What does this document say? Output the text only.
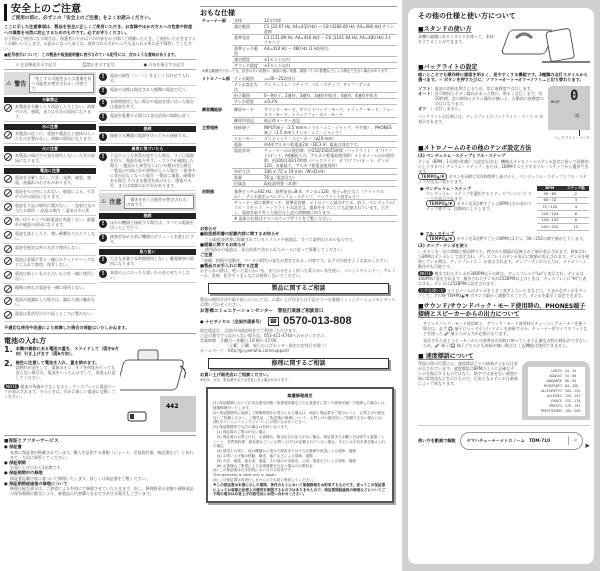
安全上のご注意
ご使用の前に、必ずこの「安全上のご注意」をよくお読みください。
ここに示した注意事項は、製品を安全に正しくご使用いただき、お客様やほかの方々への危害や財産への損害を未然に防止するためのものです。必ずお守りください。
お子様がご使用になる場合は、保護者の方が以下の内容をお子様にご理解いただき、ご使用いただきますようお願いいたします。お読みになったあとは、使用される方がいつでも見られる所に必ず保管してください。
■記号表示について：この製品や取扱説明書に表示されている記号には、次のような意味があります。
⚠ 注意喚起を示す記号	⃠ 禁止を示す記号	● 行為を指示する記号
⚠ 警告
「死亡する可能性または重傷を負う可能性が想定される」内容です。
分解禁止
本製品を分解したり改造したりしない。故障やけが、感電、または火災の原因になります。
水に注意
本製品の近くに、花瓶や薬品など液体の入ったものを置かない。故障の原因になります。
火に注意
本製品の周辺で火気を使用しない。火災の原因になります。
電池に注意
電池を分解しない。火災、発熱、破裂、感電、液漏れのおそれがあります。
電池を火の中に入れない。破裂による、火災やけがの原因になります。
電池を下記の場所に置かない。・直射日光の当たる場所 ・高温の車内 ・湿気の多い所
使い切りタイプの乾電池は充電しない。液漏れや破裂の原因になります。
電池を落としたり、強い衝撃を与えたりしない。
電池を指定以外の方法で使用しない。
電池は金属片等と一緒にポケットやバッグなどに入れて携帯、保管しない。
電池は新しいものと古いものを一緒に使用しない。
種類の異なる電池を一緒に使用しない。
電池が液漏れした場合は、漏れた液に触れない。
電池は乳幼児の手の届くところに置かない。
!	電池の極性（＋／−）を正しく合わせて入れる。
!	電池の交換は指定された種類の電池で行う。
!	長時間使用しない場合や電池を使い切った場合は電池を外す。
!	電池を廃棄する場合は各自治体の規則に従う。
接続
!	接続する機器の電源を切ってから接続する。
異常に気づいたら
!	下記のような異常が発生した場合、すぐに電源を切り、電池を取り外す。・ブラグが破損した場合 ・製品から異常なにおいや煙が出た場合 ・製品の内部に水や異物が入った場合 ・使用中に音が出なくなった場合 ・製品に亀裂、破損がある場合 そのまま使用を続けると、感電や火災、または故障のおそれがあります。
⚠ 注意	「傷害を負う可能性が想定される」内容です。
接続
!	ほかの機器と接続する場合は、すべての電源を切った上で行う。
!	演奏を始める前に機器のボリュームを最小にする。
取り扱い
!	大きな音量で長時間使用しない。聴覚障害の原因になります。
!	本体の上にのったり重いものをのせたりしない。
不適切な使用や改造により故障した場合の保証はいたしかねます。
電池の入れ方
1. 本機の裏側にある電池の蓋を、スライドして（図中a方向）引き上げます（図b方向）。
2. 極性に注意して電池を入れ、蓋を閉めます。
誤動作が発生して、電源のオン、オフを何度か行っても直らない場合は、電池をいったんはずして、再度入れ直してください。
NOTE 電池の残量が少なくなると、ディスプレイに電池マークが表示されます。そのときは、早めに新しい電池に交換してください。
442
■保証とアフターサービス
● 保証書
本書に保証書が掲載されています。購入を証明する書類（レシート、売買契約書、納品書など）とあわせて、大切に保管してください。
● 保証期間
お買い上げ日から1年間です。
● 保証期間中の修理
保証書記載内容に基づいて修理いたします。詳しくは保証書をご覧ください。
● 保証期間経過後の修理について
修理可能な部分は、ご要望により有料にて修理させていただきます。但し、修理料金の金額や補修部品の保有期間の都合により、新製品の代替購入をおすすめする場合もございます。
おもな仕様
チューナー部	音律	12平均律
	測定範囲	C1 (32.67 Hz, A4=410 Hz) ～ C8 (4186.00 Hz, A4=480 Hz) サイン波時
	基準発音	C3 (131.89 Hz, A4=410 Hz) ～ C6 (1141.64 Hz, A4=480 Hz) 3オクターブ
	基準ピッチ範囲	A4=410 Hz ～ 480 Hz (1 Hz単位)
	測定精度	±1セント以内
	サウンド精度	±1セント以内
※測定範囲内であっても、倍音の多い楽器や、減衰の速い楽器、環境ノイズの影響などにより測定できない場合があります。		

メトロノーム部	テンポ範囲	♩=30～252回/分
	テンポ設定方法	ペンデュラム・ステップ、フル・ステップ、タップ・テンポ
	拍子範囲	0～9拍子、2連符、3連符、3連符中抜き、4連符、4連符中抜き
	テンポ精度	±0.2%

練習機能部	練習モード	サウンド・モード、サウンドバック・モード、トラック・モード、フォーカス・モード、トラックフォーカス・モード
	練習用表記	純正律メーター表記

主要規格	接続端子	INPUT端子（3.5 mmモノラル・ミニ・ジャック、平手箱）、PHONES端子（3.5 mmステレオ・ミニ・ジャック）
	スピーカー	ダイナミック・スピーカー（ø10 mm）
	電源	単4形アルカリ乾電池2本（DC3 V）電池は別売です。
	電池寿命	チューナーのみ使用時：約250/150/25時間（バックライト：オフ/ソフト/オート、A4連続入力、アルカリ乾電池使用時）メトロノームのみ使用時：約200/130/17時間（バックライト：オフ/ソフト/オート、テンポ120、音量最大、アルカリ乾電池使用時）
	外形寸法	106 × 72 × 19 mm（W×D×H）
	質量	76 g（電池含む）
	付属品	取扱説明書（本書）

初期値	基準ピッチ=442 Hz、基準発音=B♭4、テンポ=120、拍子=拍子なし（クリックのみ）、テンポ設定=ペンデュラム・ステップ、バックライト設定=オフ	
	チューナー部の基準ピッチ、基準発音値、メトロノーム部のテンポ、拍子、ペンデュラム/フル・ステップ、バックライトの設定は、電源をオフにしても記憶されています。ただし、電池を取り外した場合は上記の初期値に戻ります。	
	※ 最新の仕様はヤマハのウェブサイトをご覧ください。	

お知らせ
■取扱説明書の記載内容に関するお知らせ
この取扱説明書に掲載されているイラストや画面は、すべて説明のためのものです。
■廃棄に関するお知らせ
使用済みの電池は、各自治体で決められたルールに従って廃棄してください。
ご注意
「故障、損傷や誤動作、データの損失の発生が想定される」内容です。以下の内容をよくお読みください。
■製品のお手入れに関する注意
お手入れの際は、乾いた柔らかい布、または水をよく絞った柔らかい布を使い、ベンジンやシンナー、アルコール、洗剤、化学ぞうきんなどは使用しないでください。
製品に関するご相談
製品の使用方法や取り扱いについては、お買い上げ店または下記ヤマハお客様コミュニケーションセンターへお問い合わせください。
お客様コミュニケーションセンター　管弦打楽器ご相談窓口
● ナビダイヤル（全国共通番号）	☎ 0570-013-808
固定電話は、全国市内通話料金でご利用いただけます。
上記の番号でつながらない場合は、053-411-4744へおかけください。
営業時間　月曜日～金曜日 10:00～17:00
（土曜、日曜、祝日およびセンター指定の定休日を除く）
ホームページ　http://jp.yamaha.com/support/
修理に関するご相談
お買い上げ販売店にご相談ください。
※住所、社名、電話番号などは変更になる場合があります。
無償修理規定
(1) 保証期間において正常な使用状態（取扱説明書などの注意書きに従った使用状態）で故障した場合には無償修理をいたします。
(2) 保証期間内に故障して無償修理をお受けになる場合は、商品と保証書をご提示のうえ、お買上げの販売店にご依頼ください。ご贈答品、ご転居後の修理について、お買上げの販売店にご依頼できない場合には、(株)ヤマハミュージックジャパンにお問い合わせください。
(3) 保証期間内でも次の場合は有料となります。
　(1) 保証書のご提示がない場合
　(2) 保証書のお買上げ日、お客様名、販売店名の記入がない場合、保証書または購入を証明する書類（レシート、売買契約書、納品書など）にお買い上げ日が記載されていない場合、あるいは字句を書き換えられた場合
　(3) 使用上の誤り、他の機器から受けた障害または不当な修理や改造による故障、損傷
　(4) お買い上げ後の移動、輸送、落下などによる故障、損傷
　(5) 火災、地震、風水害、落雷、その他の天災地変、公害、塩害などによる故障、損傷
　(6) お客様のご要望により出張修理を行なう場合の出張料金
(4) この保証書は日本国内においてのみ有効です。
This warranty is valid only in Japan.
(5) この保証書は再発行しませんので大切に保管してください。
※この保証書は本書に示した期間、条件のもとにおいて無償修理をお約束するものです。従ってこの保証書によってお客様の法律上の権利を制限するものではありませんので、保証期間経過後の修理などについてご不明の場合はお買上げの販売店にお問い合わせください。
その他の仕様と使い方について
■スタンドの使い方
本機の裏側にあるスタンドを使って、本体を立てることができます。
■バックライトの設定
暗いところでも操作時に画面を明るく、見やすくする機能です。3種類の点灯スタイルから選べます。☼ ボタンを押すたびに、ソフト→オート→オフ→ソフト…と切り替わります。
ソフト： 電池の消耗を押さえるため、常に低輝度で点灯します。
オート： 音の検知とボタン操作があった時に、明るく点灯します。約10秒間、音の検知とボタン操作が無いと、自動的に低輝度の点灯になります。
オフ　： 点灯しません。
バックライト点灯時には、ディスプレイにバックライト・マーク ☼ が表示されます。
BEAT 0
☼
バックライト・マーク
■メトロノームのその他のテンポ設定方法
(1) ペンデュラム・ステップとフル・ステップ
テンポ（BPM＝1分間の拍数）の設定方法は、機械式メトロノームのテンポ設定に従って段階的に上下するペンデュラム・ステップ、または、1BPMずつ上下するフル・ステップから選択できます。
TEMPO▲/▼ ボタンを同時に約1秒間押し続けると、ペンデュラム・ステップとフル・ステップが交互に変わります。
● ペンデュラム・ステップ
ペンデュラム・ステップを選択するとディスプレイに Ⓟ マークが表示されます。
TEMPO▲/▼ ボタンを1回押すごとにBPMは右の表のステップ値ずつ、段階的に上下します。
BPM	ステップ値
30～60	2
60～72	3
72～120	4
120～144	6
144～192	8
192～252	12
● フル・ステップ
TEMPO▲/▼ ボタンを1回押すごとにBPMは1ずつ、30～252の間で値が上下します。
(2) タップ・テンポを使う
☞ ボタンを一定の間隔で数回押すと、押された間隔が反映されて値が表示されます。検知されたBPMはテンポとして設定され、ディスプレイのテンポ表示に数値が表示されます。テンポを検知している間は、ディスプレイに ☞ が表示されます。タップ・テンポの入力は、メトロノーム動作中も可能です。
NOTE 検出されたテンポが30BPM以下の時は、ディスプレイに"Lo"と表示され、テンポは30BPMに設定されます。検出されたテンポが252BPM以上のときは、ディスプレイに"Hi"と表示され、テンポは252BPMに設定されます。
上手な使い方 メトロノームのテンポを大きく変更したいときなどに、大まかなテンポをタップして、その後 TEMPO▲/▼ ボタンで細かく調整することで、テンポを素早く設定できます。
■サウンド/サウンドバック・モード使用時の、PHONES端子接続とスピーカーからの出力について
サウンドバック・モード使用時と、サウンド・モード使用時にチューニングメーターを使う場合は、必ず 🎧 端子にヘッドホン/イヤホンを接続するか、チューナー用マイクロフォンなどを使った 🎤 端子への入力が必要になります。
発音された音とスピーカーからの基準音が同時に鳴っていると正確な音程の検出ができないため、🎤 端子/🎧 端子どちらにも接続が無い場合は 上記機能は使用できません。
■ 速度標語について
背面の図の位置には、速度標語ごとの演奏テンポの目安が示されています。速度標語はBPMのように正確なテンポを指示するものではなく、数字では表せない曲想や曲の雰囲気などを示すもので、目安となるテンポは楽曲によって異なります。
LENTO 44 - 54
ADAGIO 54 - 66
ANDANTE 66 - 84
MODERATO 84 - 100
ALLEGRETTO 100 - 120
ALLEGRO 120 - 152
VIVACE 152 - 176
PRESTO 176 - 192
PRESTISSIMO 192 - 208
使い方を動画で解説	ヤマハチューナーメトロノーム　TDM-710	⌕
➤
